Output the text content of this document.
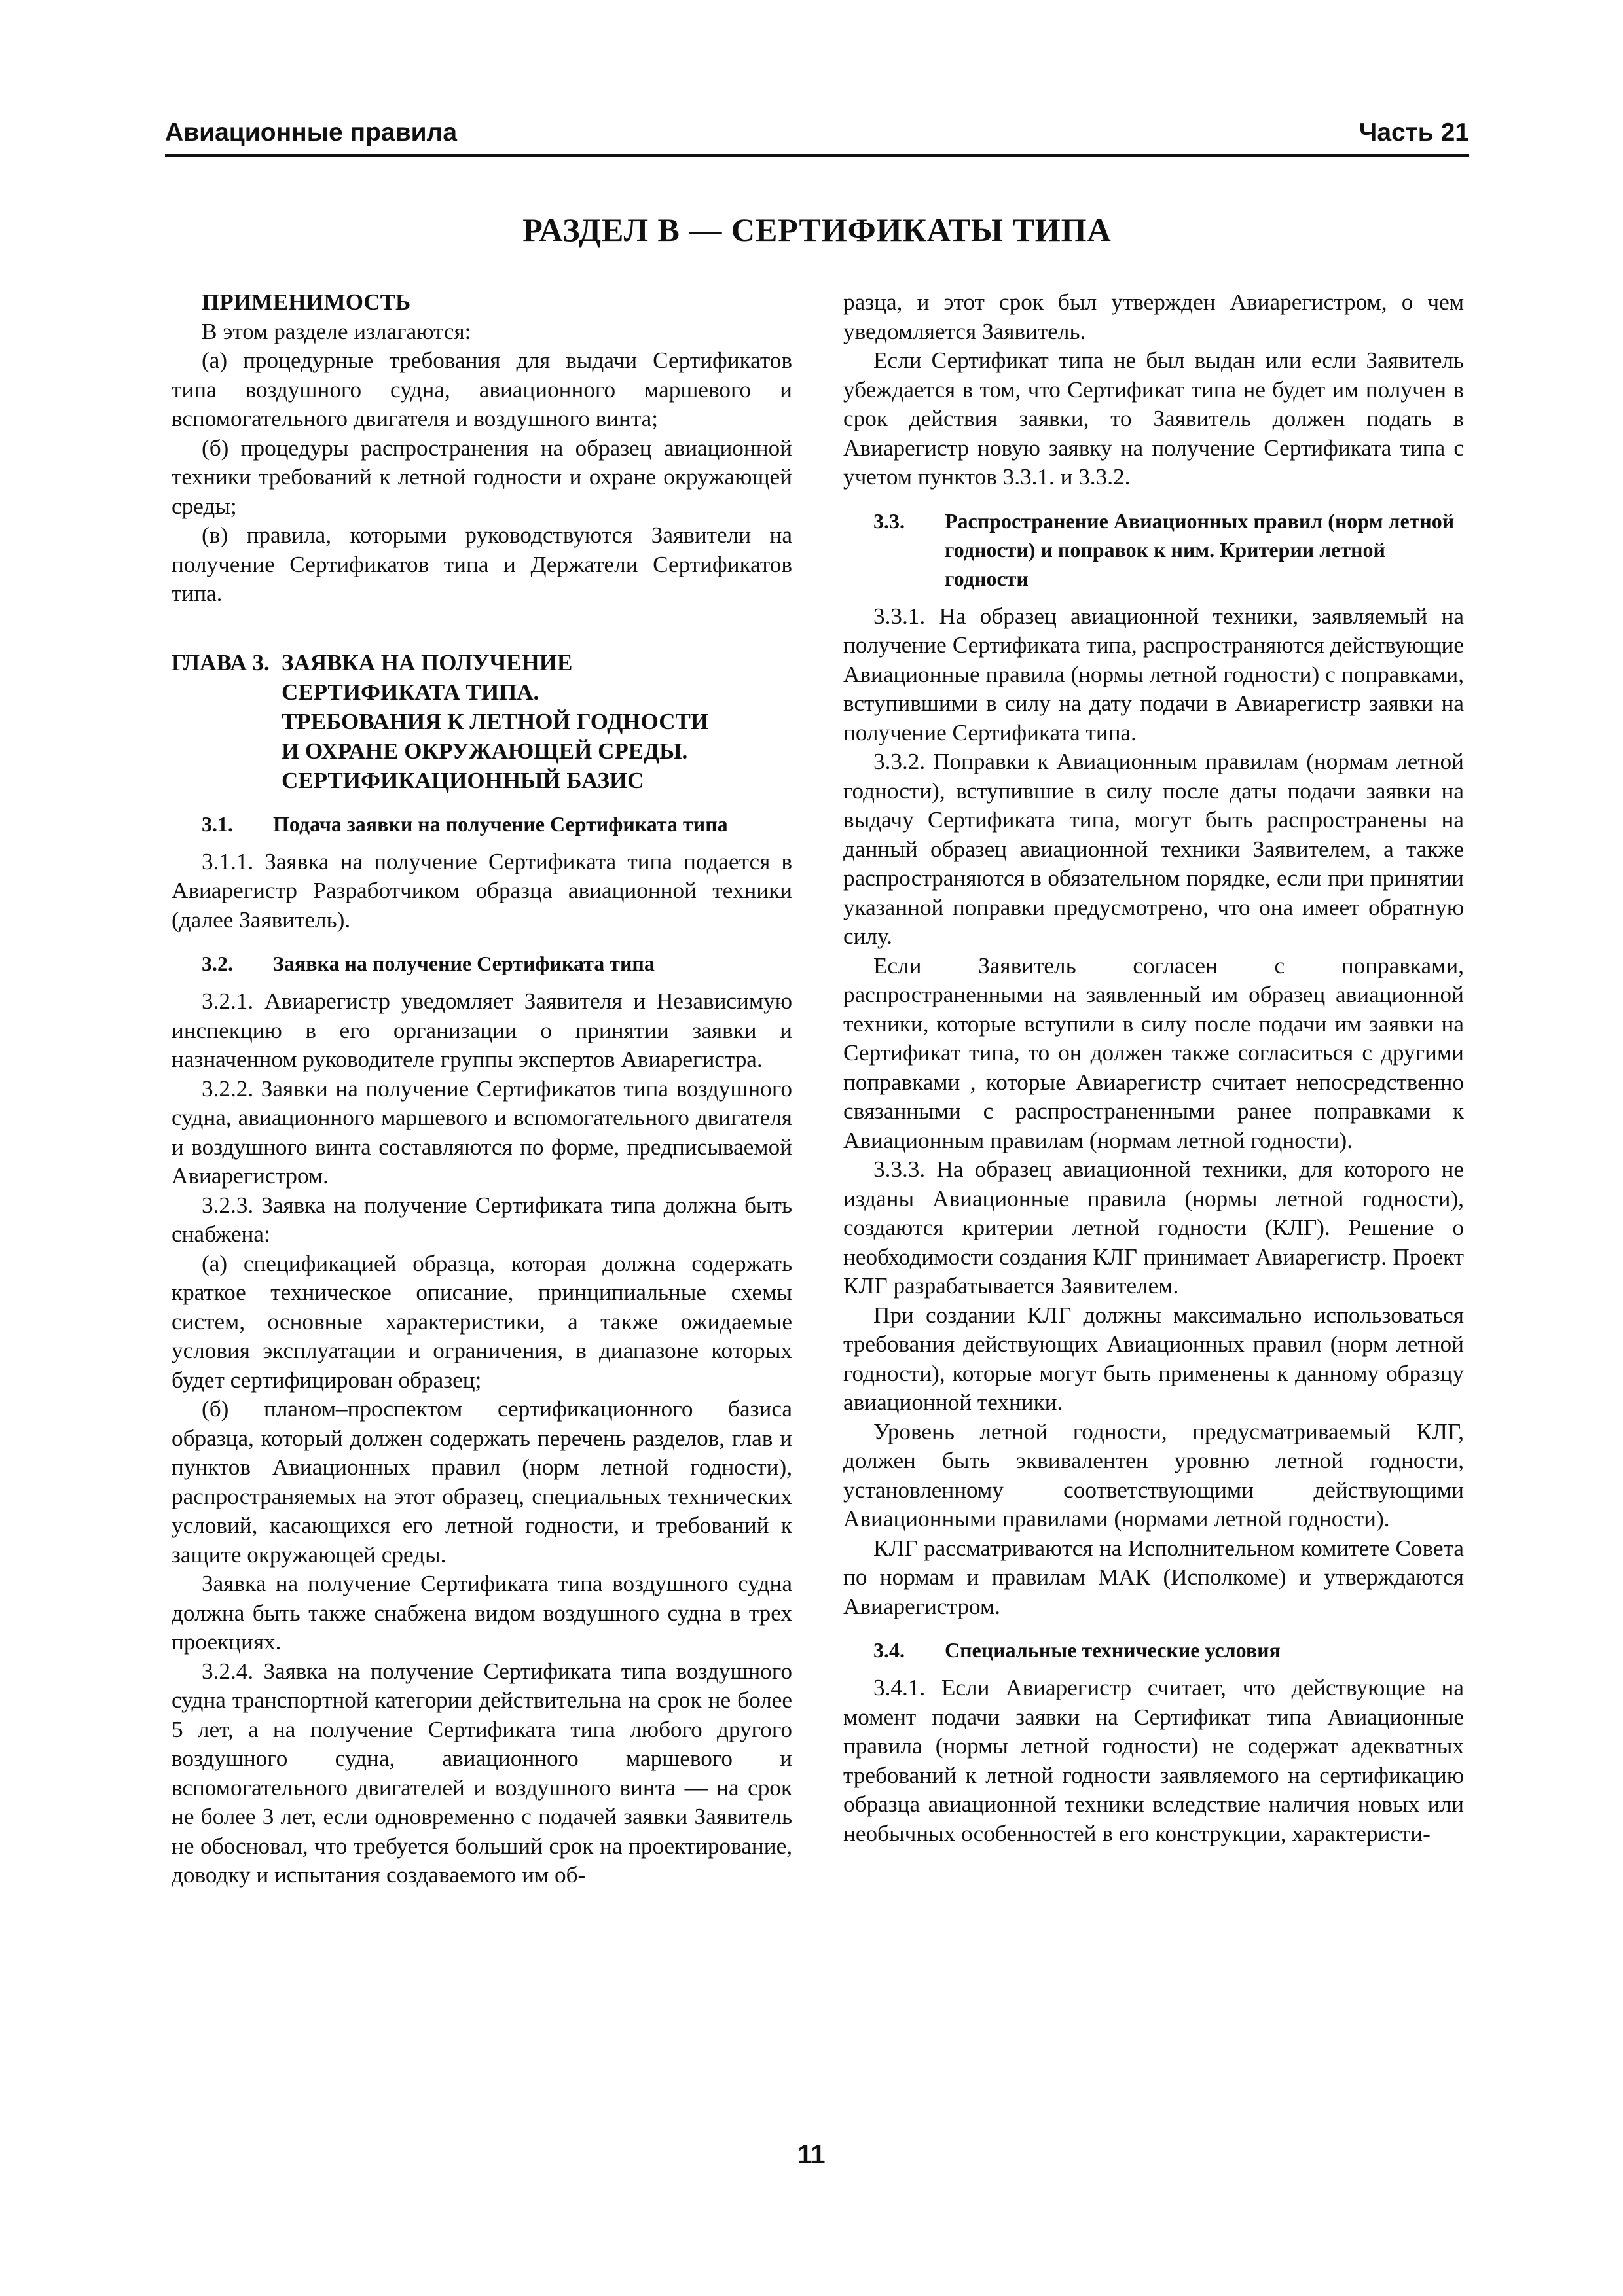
Авиационные правила	Часть 21
РАЗДЕЛ В — СЕРТИФИКАТЫ ТИПА

ПРИМЕНИМОСТЬ

В этом разделе излагаются:

(а) процедурные требования для выдачи Сертификатов типа воздушного судна, авиационного маршевого и вспомогательного двигателя и воздушного винта;

(б) процедуры распространения на образец авиационной техники требований к летной годности и охране окружающей среды;

(в) правила, которыми руководствуются Заявители на получение Сертификатов типа и Держатели Сертификатов типа.

ГЛАВА 3. ЗАЯВКА НА ПОЛУЧЕНИЕ
СЕРТИФИКАТА ТИПА.
ТРЕБОВАНИЯ К ЛЕТНОЙ ГОДНОСТИ
И ОХРАНЕ ОКРУЖАЮЩЕЙ СРЕДЫ.
СЕРТИФИКАЦИОННЫЙ БАЗИС
3.1. Подача заявки на получение Сертификата типа

3.1.1. Заявка на получение Сертификата типа подается в Авиарегистр Разработчиком образца авиационной техники (далее Заявитель).

3.2. Заявка на получение Сертификата типа

3.2.1. Авиарегистр уведомляет Заявителя и Независимую инспекцию в его организации о принятии заявки и назначенном руководителе группы экспертов Авиарегистра.

3.2.2. Заявки на получение Сертификатов типа воздушного судна, авиационного маршевого и вспомогательного двигателя и воздушного винта составляются по форме, предписываемой Авиарегистром.

3.2.3. Заявка на получение Сертификата типа должна быть снабжена:

(а) спецификацией образца, которая должна содержать краткое техническое описание, принципиальные схемы систем, основные характеристики, а также ожидаемые условия эксплуатации и ограничения, в диапазоне которых будет сертифицирован образец;

(б) планом–проспектом сертификационного базиса образца, который должен содержать перечень разделов, глав и пунктов Авиационных правил (норм летной годности), распространяемых на этот образец, специальных технических условий, касающихся его летной годности, и требований к защите окружающей среды.

Заявка на получение Сертификата типа воздушного судна должна быть также снабжена видом воздушного судна в трех проекциях.

3.2.4. Заявка на получение Сертификата типа воздушного судна транспортной категории действительна на срок не более 5 лет, а на получение Сертификата типа любого другого воздушного судна, авиационного маршевого и вспомогательного двигателей и воздушного винта — на срок не более 3 лет, если одновременно с подачей заявки Заявитель не обосновал, что требуется больший срок на проектирование, доводку и испытания создаваемого им об-

разца, и этот срок был утвержден Авиарегистром, о чем уведомляется Заявитель.

Если Сертификат типа не был выдан или если Заявитель убеждается в том, что Сертификат типа не будет им получен в срок действия заявки, то Заявитель должен подать в Авиарегистр новую заявку на получение Сертификата типа с учетом пунктов 3.3.1. и 3.3.2.

3.3. Распространение Авиационных правил (норм летной годности) и поправок к ним. Критерии летной годности

3.3.1. На образец авиационной техники, заявляемый на получение Сертификата типа, распространяются действующие Авиационные правила (нормы летной годности) с поправками, вступившими в силу на дату подачи в Авиарегистр заявки на получение Сертификата типа.

3.3.2. Поправки к Авиационным правилам (нормам летной годности), вступившие в силу после даты подачи заявки на выдачу Сертификата типа, могут быть распространены на данный образец авиационной техники Заявителем, а также распространяются в обязательном порядке, если при принятии указанной поправки предусмотрено, что она имеет обратную силу.

Если Заявитель согласен с поправками, распространенными на заявленный им образец авиационной техники, которые вступили в силу после подачи им заявки на Сертификат типа, то он должен также согласиться с другими поправками , которые Авиарегистр считает непосредственно связанными с распространенными ранее поправками к Авиационным правилам (нормам летной годности).

3.3.3. На образец авиационной техники, для которого не изданы Авиационные правила (нормы летной годности), создаются критерии летной годности (КЛГ). Решение о необходимости создания КЛГ принимает Авиарегистр. Проект КЛГ разрабатывается Заявителем.

При создании КЛГ должны максимально использоваться требования действующих Авиационных правил (норм летной годности), которые могут быть применены к данному образцу авиационной техники.

Уровень летной годности, предусматриваемый КЛГ, должен быть эквивалентен уровню летной годности, установленному соответствующими действующими Авиационными правилами (нормами летной годности).

КЛГ рассматриваются на Исполнительном комитете Совета по нормам и правилам МАК (Исполкоме) и утверждаются Авиарегистром.

3.4. Специальные технические условия

3.4.1. Если Авиарегистр считает, что действующие на момент подачи заявки на Сертификат типа Авиационные правила (нормы летной годности) не содержат адекватных требований к летной годности заявляемого на сертификацию образца авиационной техники вследствие наличия новых или необычных особенностей в его конструкции, характеристи-

11
